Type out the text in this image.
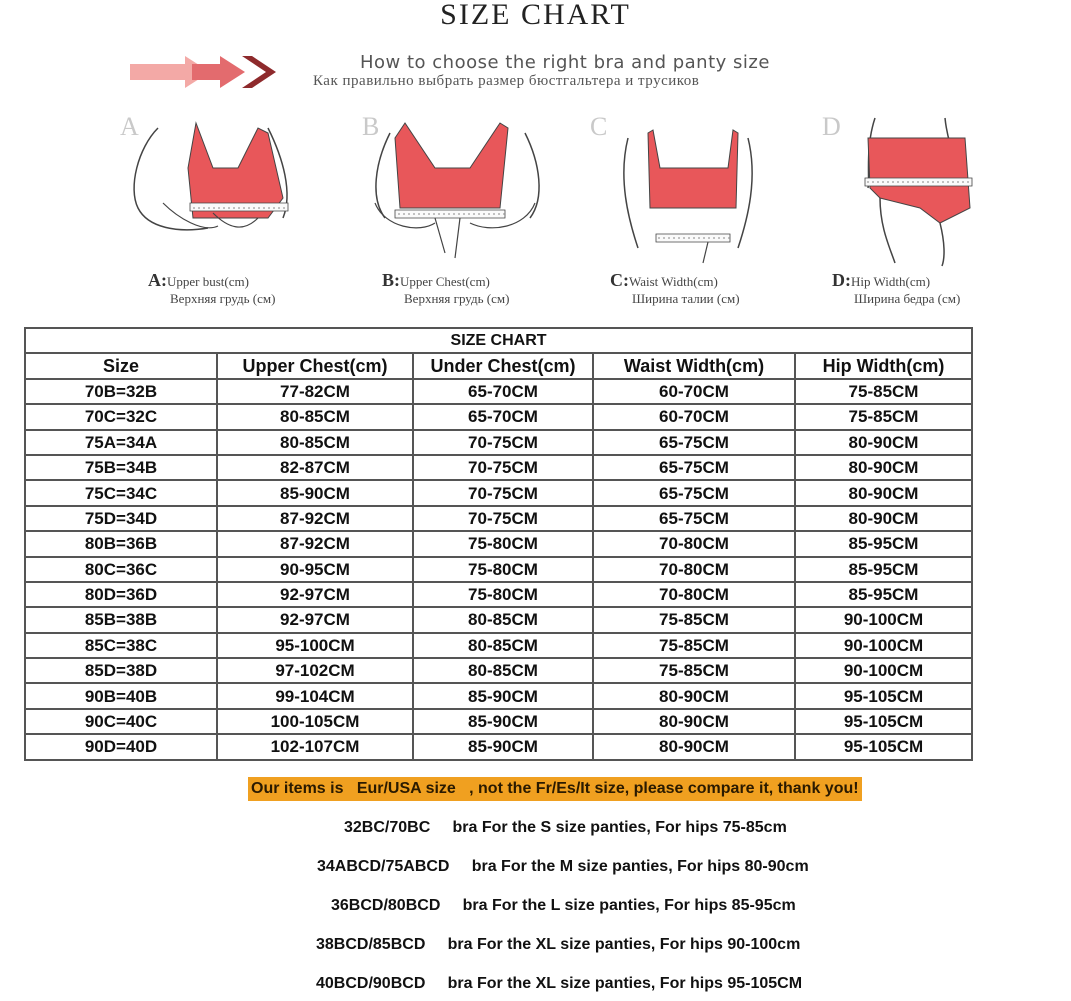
SIZE CHART
How to choose the right bra and panty size
Как правильно выбрать размер бюстгальтера и трусиков
A
A:Upper bust(cm)
Верхняя грудь (см)
B
B:Upper Chest(cm)
Верхняя грудь (см)
C
C:Waist Width(cm)
Ширина талии (см)
D
D:Hip Width(cm)
Ширина бедра (см)
SIZE CHART				
Size	Upper Chest(cm)	Under Chest(cm)	Waist Width(cm)	Hip Width(cm)
70B=32B	77-82CM	65-70CM	60-70CM	75-85CM
70C=32C	80-85CM	65-70CM	60-70CM	75-85CM
75A=34A	80-85CM	70-75CM	65-75CM	80-90CM
75B=34B	82-87CM	70-75CM	65-75CM	80-90CM
75C=34C	85-90CM	70-75CM	65-75CM	80-90CM
75D=34D	87-92CM	70-75CM	65-75CM	80-90CM
80B=36B	87-92CM	75-80CM	70-80CM	85-95CM
80C=36C	90-95CM	75-80CM	70-80CM	85-95CM
80D=36D	92-97CM	75-80CM	70-80CM	85-95CM
85B=38B	92-97CM	80-85CM	75-85CM	90-100CM
85C=38C	95-100CM	80-85CM	75-85CM	90-100CM
85D=38D	97-102CM	80-85CM	75-85CM	90-100CM
90B=40B	99-104CM	85-90CM	80-90CM	95-105CM
90C=40C	100-105CM	85-90CM	80-90CM	95-105CM
90D=40D	102-107CM	85-90CM	80-90CM	95-105CM
Our items is   Eur/USA size   , not the Fr/Es/It size, please compare it, thank you!
32BC/70BC     bra For the S size panties, For hips 75-85cm
34ABCD/75ABCD     bra For the M size panties, For hips 80-90cm
36BCD/80BCD     bra For the L size panties, For hips 85-95cm
38BCD/85BCD     bra For the XL size panties, For hips 90-100cm
40BCD/90BCD     bra For the XL size panties, For hips 95-105CM
